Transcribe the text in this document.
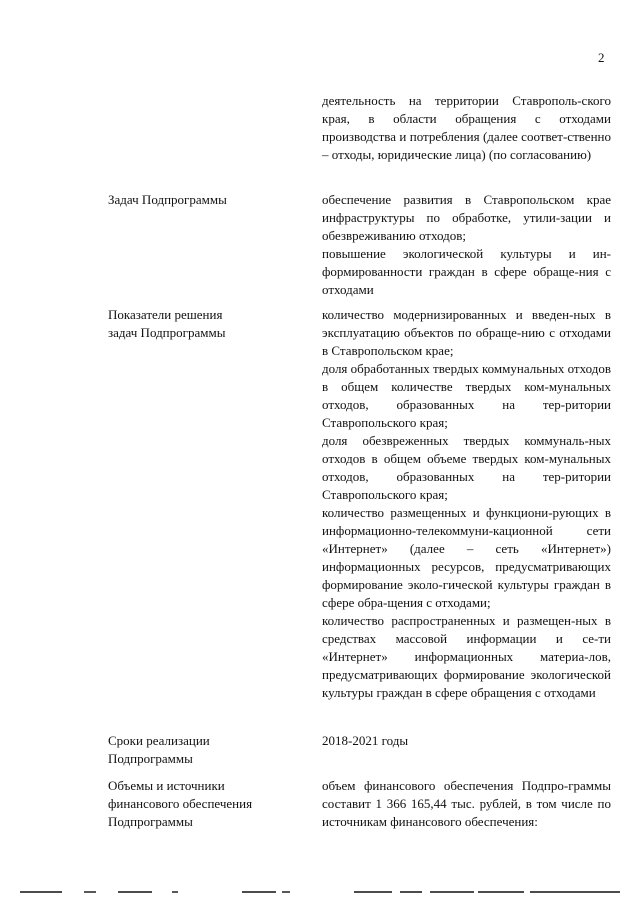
2

деятельность на территории Ставрополь-ского края, в области обращения с отходами производства и потребления (далее соответ-ственно – отходы, юридические лица) (по согласованию)

Задач Подпрограммы	обеспечение развития в Ставропольском крае инфраструктуры по обработке, утили-зации и обезвреживанию отходов;

повышение экологической культуры и ин-формированности граждан в сфере обраще-ния с отходами

Показатели решения
задач Подпрограммы

количество модернизированных и введен-ных в эксплуатацию объектов по обраще-нию с отходами в Ставропольском крае;

доля обработанных твердых коммунальных отходов в общем количестве твердых ком-мунальных отходов, образованных на тер-ритории Ставропольского края;

доля обезвреженных твердых коммуналь-ных отходов в общем объеме твердых ком-мунальных отходов, образованных на тер-ритории Ставропольского края;

количество размещенных и функциони-рующих в информационно-телекоммуни-кационной сети «Интернет» (далее – сеть «Интернет») информационных ресурсов, предусматривающих формирование эколо-гической культуры граждан в сфере обра-щения с отходами;

количество распространенных и размещен-ных в средствах массовой информации и се-ти «Интернет» информационных материа-лов, предусматривающих формирование экологической культуры граждан в сфере обращения с отходами

Сроки реализации
Подпрограммы

2018-2021 годы

Объемы и источники
финансового обеспечения
Подпрограммы

объем финансового обеспечения Подпро-граммы составит 1 366 165,44 тыс. рублей, в том числе по источникам финансового обеспечения:
